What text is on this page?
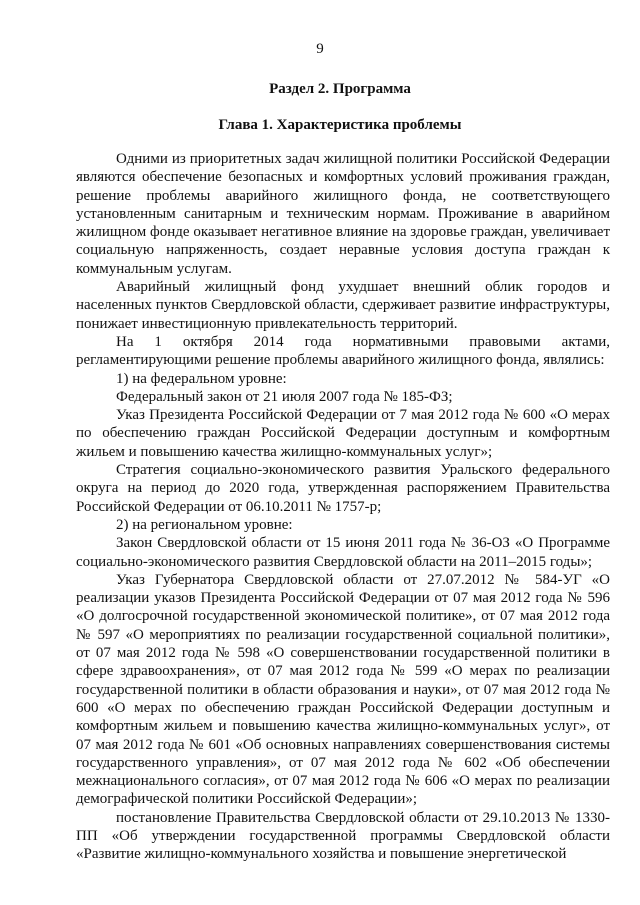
9
Раздел 2. Программа
Глава 1. Характеристика проблемы

Одними из приоритетных задач жилищной политики Российской Федерации являются обеспечение безопасных и комфортных условий проживания граждан, решение проблемы аварийного жилищного фонда, не соответствующего установленным санитарным и техническим нормам. Проживание в аварийном жилищном фонде оказывает негативное влияние на здоровье граждан, увеличивает социальную напряженность, создает неравные условия доступа граждан к коммунальным услугам.

Аварийный жилищный фонд ухудшает внешний облик городов и населенных пунктов Свердловской области, сдерживает развитие инфраструктуры, понижает инвестиционную привлекательность территорий.

На 1 октября 2014 года нормативными правовыми актами, регламентирующими решение проблемы аварийного жилищного фонда, являлись:

1) на федеральном уровне:

Федеральный закон от 21 июля 2007 года № 185-ФЗ;

Указ Президента Российской Федерации от 7 мая 2012 года № 600 «О мерах по обеспечению граждан Российской Федерации доступным и комфортным жильем и повышению качества жилищно-коммунальных услуг»;

Стратегия социально-экономического развития Уральского федерального округа на период до 2020 года, утвержденная распоряжением Правительства Российской Федерации от 06.10.2011 № 1757-р;

2) на региональном уровне:

Закон Свердловской области от 15 июня 2011 года № 36-ОЗ «О Программе социально-экономического развития Свердловской области на 2011–2015 годы»;

Указ Губернатора Свердловской области от 27.07.2012 № 584-УГ «О реализации указов Президента Российской Федерации от 07 мая 2012 года № 596 «О долгосрочной государственной экономической политике», от 07 мая 2012 года № 597 «О мероприятиях по реализации государственной социальной политики», от 07 мая 2012 года № 598 «О совершенствовании государственной политики в сфере здравоохранения», от 07 мая 2012 года № 599 «О мерах по реализации государственной политики в области образования и науки», от 07 мая 2012 года № 600 «О мерах по обеспечению граждан Российской Федерации доступным и комфортным жильем и повышению качества жилищно-коммунальных услуг», от 07 мая 2012 года № 601 «Об основных направлениях совершенствования системы государственного управления», от 07 мая 2012 года № 602 «Об обеспечении межнационального согласия», от 07 мая 2012 года № 606 «О мерах по реализации демографической политики Российской Федерации»;

постановление Правительства Свердловской области от 29.10.2013 № 1330-ПП «Об утверждении государственной программы Свердловской области «Развитие жилищно-коммунального хозяйства и повышение энергетической
